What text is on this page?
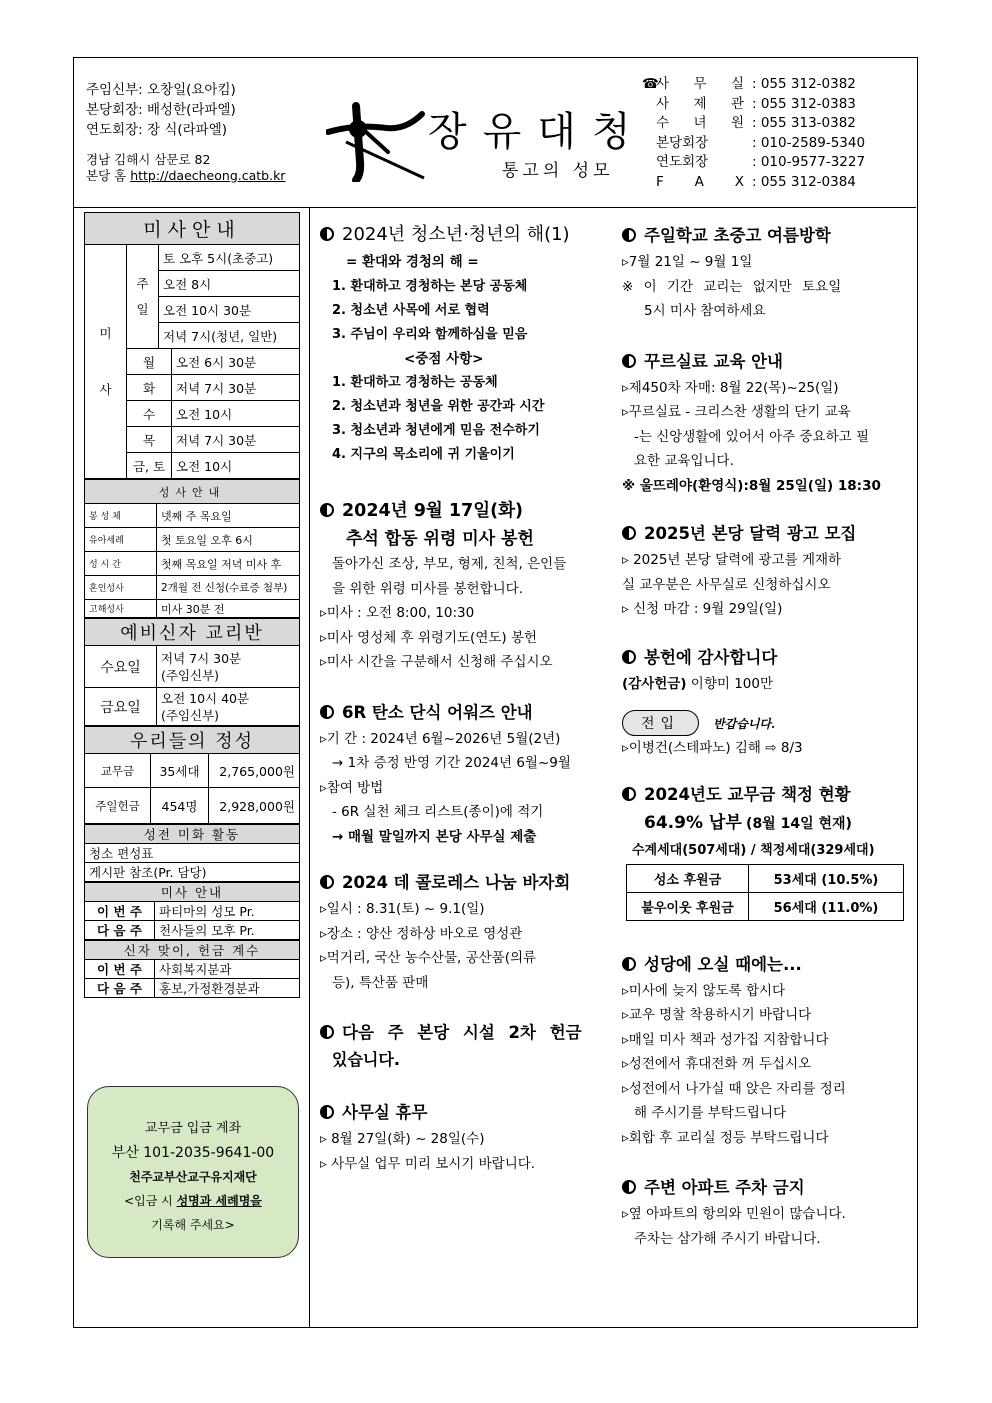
주임신부: 오창일(요아킴)
본당회장: 배성한(라파엘)
연도회장: 장 식(라파엘)
경남 김해시 삼문로 82
본당 홈 http://daecheong.catb.kr
장유대청
통고의 성모
☎
사 무 실 : 055 312-0382
사 제 관 : 055 312-0383
수 녀 원 : 055 313-0382
본당회장	: 010-2589-5340
연도회장	: 010-9577-3227
F A X : 055 312-0384
미사안내			
미
사	주
일	토 오후 5시(초중고)	
		오전 8시	
		오전 10시 30분	
		저녁 7시(청년, 일반)	
	월		오전 6시 30분
	화		저녁 7시 30분
	수		오전 10시
	목		저녁 7시 30분
	금, 토		오전 10시
성사안내	
봉 성 체	넷째 주 목요일
유아세례	첫 토요일 오후 6시
성 시 간	첫째 목요일 저녁 미사 후
혼인성사	2개월 전 신청(수료증 첨부)
고해성사	미사 30분 전
예비신자 교리반	
수요일	저녁 7시 30분
(주임신부)
금요일	오전 10시 40분
(주임신부)
우리들의 정성		
교무금	35세대	2,765,000원
주일헌금	454명	2,928,000원
성전 미화 활동
청소 편성표
게시판 참조(Pr. 담당)
미사 안내	
이 번 주	파티마의 성모 Pr.
다 음 주	천사들의 모후 Pr.
신자 맞이, 헌금 계수	
이 번 주	사회복지분과
다 음 주	홍보,가정환경분과
교무금 입금 계좌
부산 101-2035-9641-00
천주교부산교구유지재단
<입금 시 성명과 세례명을
기록해 주세요>
2024년 청소년·청년의 해(1)
= 환대와 경청의 해 =
1. 환대하고 경청하는 본당 공동체
2. 청소년 사목에 서로 협력
3. 주님이 우리와 함께하심을 믿음
<중점 사항>
1. 환대하고 경청하는 공동체
2. 청소년과 청년을 위한 공간과 시간
3. 청소년과 청년에게 믿음 전수하기
4. 지구의 목소리에 귀 기울이기
2024년 9월 17일(화)
추석 합동 위령 미사 봉헌
돌아가신 조상, 부모, 형제, 친척, 은인들
을 위한 위령 미사를 봉헌합니다.
▹미사 : 오전 8:00, 10:30
▹미사 영성체 후 위령기도(연도) 봉헌
▹미사 시간을 구분해서 신청해 주십시오
6R 탄소 단식 어워즈 안내
▹기 간 : 2024년 6월~2026년 5월(2년)
→ 1차 증정 반영 기간 2024년 6월~9월
▹참여 방법
- 6R 실천 체크 리스트(종이)에 적기
→ 매월 말일까지 본당 사무실 제출
2024 데 콜로레스 나눔 바자회
▹일시 : 8.31(토) ~ 9.1(일)
▹장소 : 양산 정하상 바오로 영성관
▹먹거리, 국산 농수산물, 공산품(의류
등), 특산품 판매
다음 주 본당 시설 2차 헌금
있습니다.
사무실 휴무
▹ 8월 27일(화) ~ 28일(수)
▹ 사무실 업무 미리 보시기 바랍니다.
주일학교 초중고 여름방학
▹7월 21일 ~ 9월 1일
※ 이 기간 교리는 없지만 토요일
5시 미사 참여하세요
꾸르실료 교육 안내
▹제450차 자매: 8월 22(목)~25(일)
▹꾸르실료 - 크리스찬 생활의 단기 교육
-는 신앙생활에 있어서 아주 중요하고 필
요한 교육입니다.
※ 울뜨레야(환영식):8월 25일(일) 18:30
2025년 본당 달력 광고 모집
▹ 2025년 본당 달력에 광고를 게재하
실 교우분은 사무실로 신청하십시오
▹ 신청 마감 : 9월 29일(일)
봉헌에 감사합니다
(감사헌금) 이향미 100만
전입	반갑습니다.
▹이병건(스테파노) 김해 ⇨ 8/3
2024년도 교무금 책정 현황
64.9% 납부 (8월 14일 현재)
수계세대(507세대) / 책정세대(329세대)
성소 후원금	53세대 (10.5%)
불우이웃 후원금	56세대 (11.0%)
성당에 오실 때에는...
▹미사에 늦지 않도록 합시다
▹교우 명찰 착용하시기 바랍니다
▹매일 미사 책과 성가집 지참합니다
▹성전에서 휴대전화 꺼 두십시오
▹성전에서 나가실 때 앉은 자리를 정리
해 주시기를 부탁드립니다
▹회합 후 교리실 정등 부탁드립니다
주변 아파트 주차 금지
▹옆 아파트의 항의와 민원이 많습니다.
주차는 삼가해 주시기 바랍니다.
